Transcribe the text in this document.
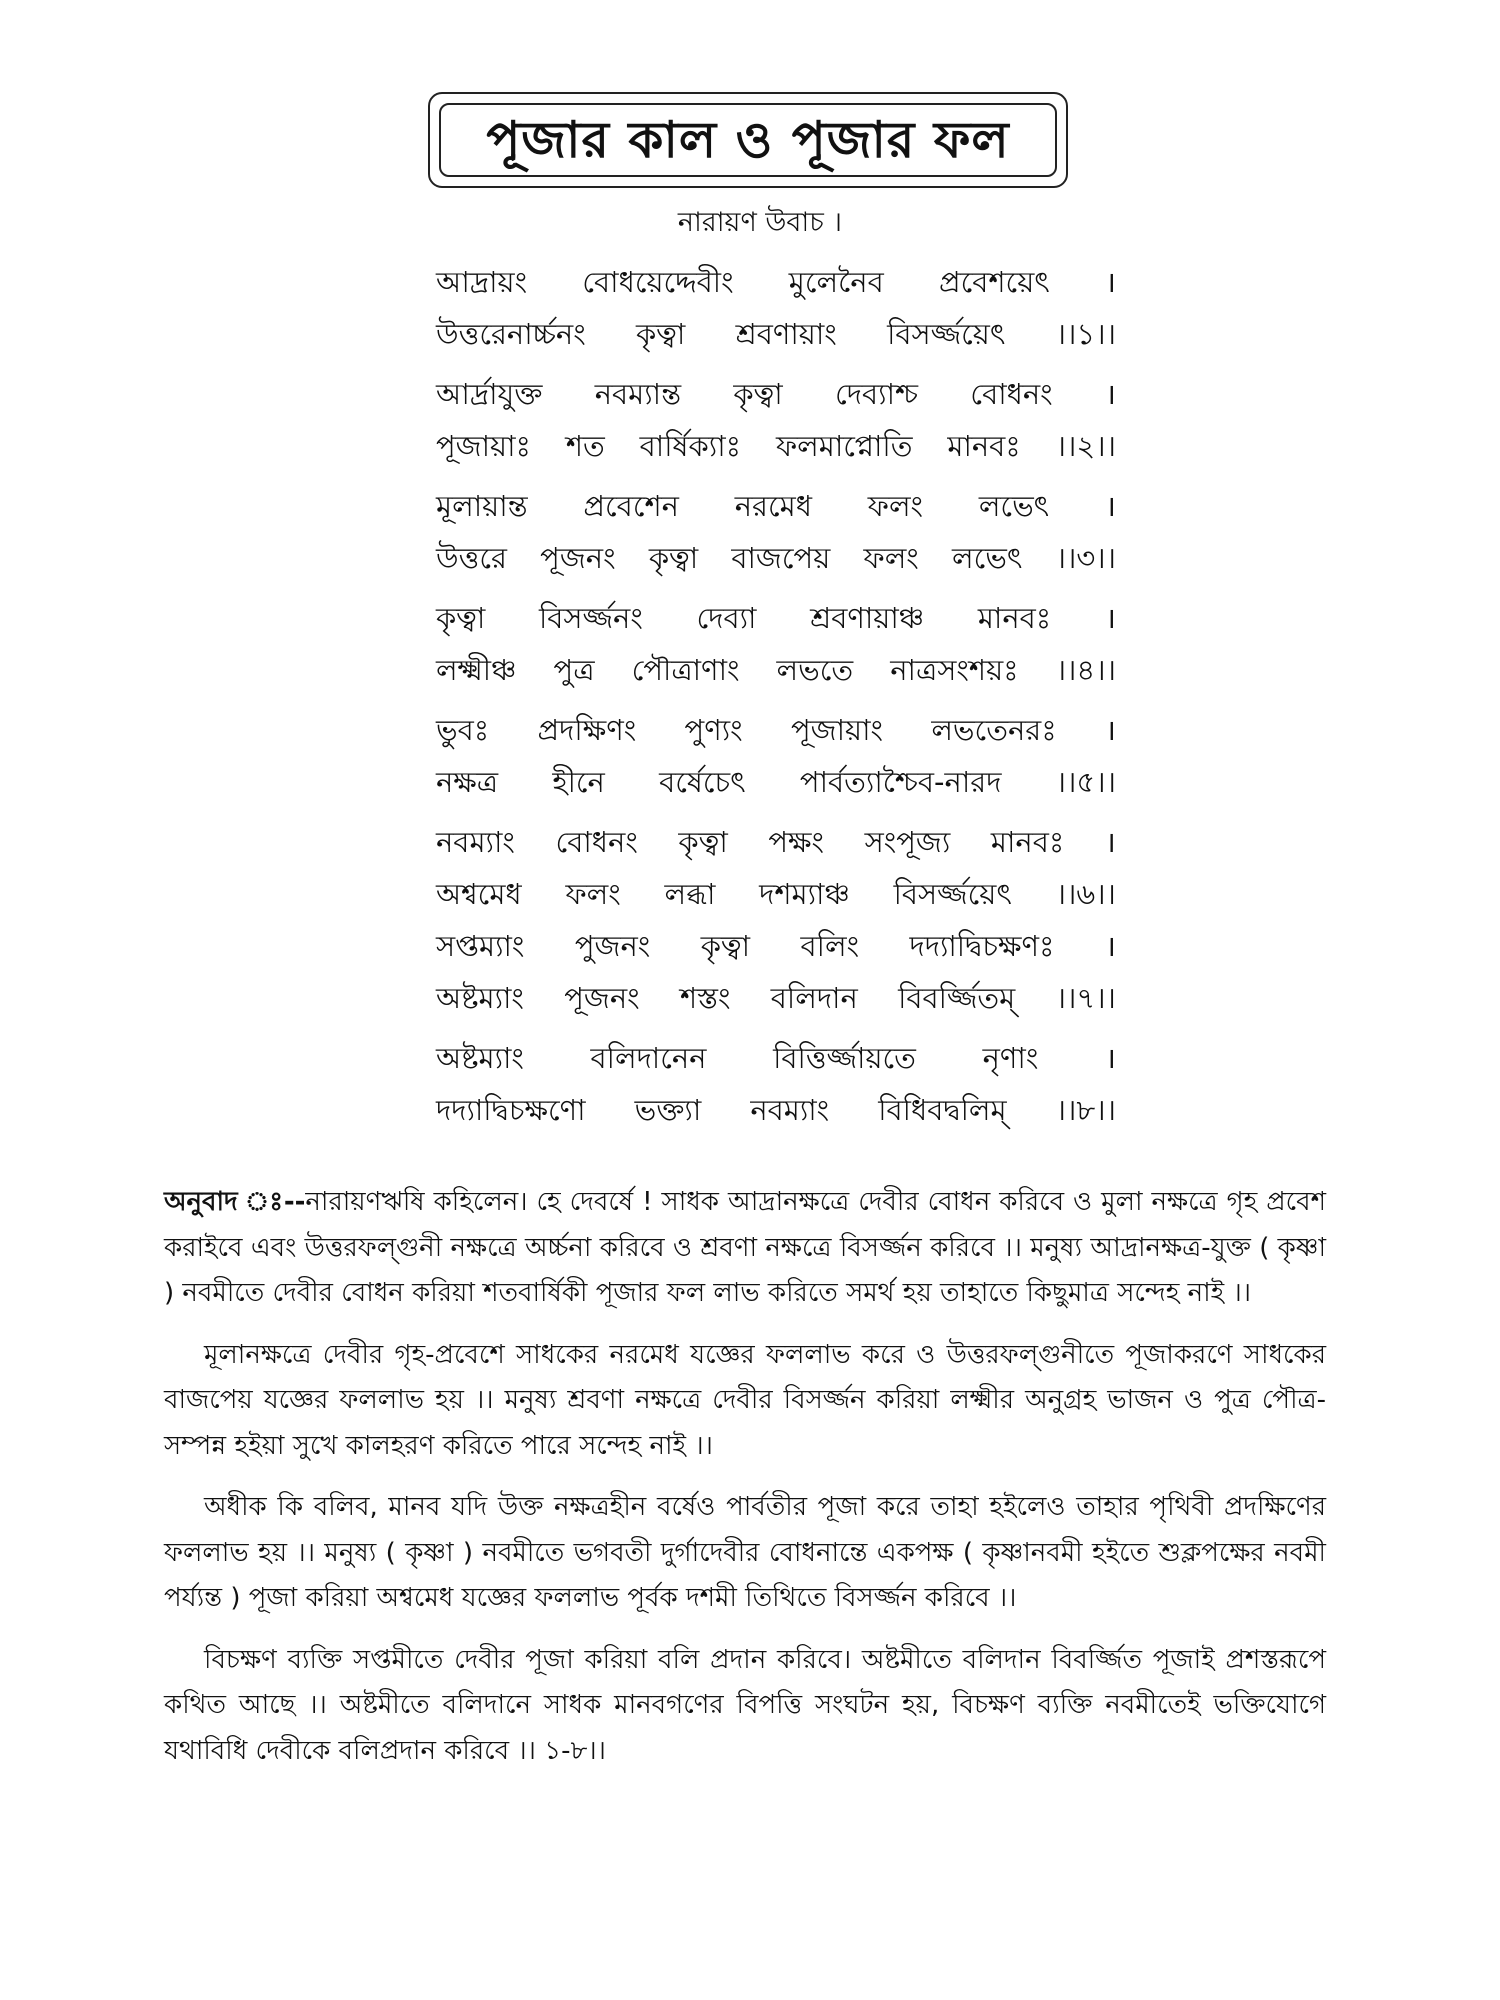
পূজার কাল ও পূজার ফল
নারায়ণ উবাচ ।
আদ্রায়ং বোধয়েদ্দেবীং মুলেনৈব প্রবেশয়েৎ ।
উত্তরেনার্চ্চনং কৃত্বা শ্রবণায়াং বিসর্জ্জয়েৎ ।।১।।
আর্দ্রাযুক্ত নবম্যান্ত কৃত্বা দেব্যাশ্চ বোধনং ।
পূজায়াঃ শত বার্ষিক্যাঃ ফলমাপ্নোতি মানবঃ ।।২।।
মূলায়ান্ত প্রবেশেন নরমেধ ফলং লভেৎ ।
উত্তরে পূজনং কৃত্বা বাজপেয় ফলং লভেৎ ।।৩।।
কৃত্বা বিসর্জ্জনং দেব্যা শ্রবণায়াঞ্চ মানবঃ ।
লক্ষ্মীঞ্চ পুত্র পৌত্রাণাং লভতে নাত্রসংশয়ঃ ।।৪।।
ভুবঃ প্রদক্ষিণং পুণ্যং পূজায়াং লভতেনরঃ ।
নক্ষত্র হীনে বর্ষেচেৎ পার্বত্যাশ্চৈব-নারদ ।।৫।।
নবম্যাং বোধনং কৃত্বা পক্ষং সংপূজ্য মানবঃ ।
অশ্বমেধ ফলং লব্ধা দশম্যাঞ্চ বিসর্জ্জয়েৎ ।।৬।।
সপ্তম্যাং পুজনং কৃত্বা বলিং দদ্যাদ্বিচক্ষণঃ ।
অষ্টম্যাং পূজনং শস্তং বলিদান বিবর্জ্জিতম্ ।।৭।।
অষ্টম্যাং বলিদানেন বিত্তির্জ্জায়তে নৃণাং ।
দদ্যাদ্বিচক্ষণো ভক্ত্যা নবম্যাং বিধিবদ্বলিম্ ।।৮।।

অনুবাদ ঃ--নারায়ণঋষি কহিলেন। হে দেবর্ষে ! সাধক আদ্রানক্ষত্রে দেবীর বোধন করিবে ও মুলা নক্ষত্রে গৃহ প্রবেশ করাইবে এবং উত্তরফল্গুনী নক্ষত্রে অর্চ্চনা করিবে ও শ্রবণা নক্ষত্রে বিসর্জ্জন করিবে ।। মনুষ্য আদ্রানক্ষত্র-যুক্ত ( কৃষ্ণা ) নবমীতে দেবীর বোধন করিয়া শতবার্ষিকী পূজার ফল লাভ করিতে সমর্থ হয় তাহাতে কিছুমাত্র সন্দেহ নাই ।।

মূলানক্ষত্রে দেবীর গৃহ-প্রবেশে সাধকের নরমেধ যজ্ঞের ফললাভ করে ও উত্তরফল্গুনীতে পূজাকরণে সাধকের বাজপেয় যজ্ঞের ফললাভ হয় ।। মনুষ্য শ্রবণা নক্ষত্রে দেবীর বিসর্জ্জন করিয়া লক্ষ্মীর অনুগ্রহ ভাজন ও পুত্র পৌত্র-সম্পন্ন হইয়া সুখে কালহরণ করিতে পারে সন্দেহ নাই ।।

অধীক কি বলিব, মানব যদি উক্ত নক্ষত্রহীন বর্ষেও পার্বতীর পূজা করে তাহা হইলেও তাহার পৃথিবী প্রদক্ষিণের ফললাভ হয় ।। মনুষ্য ( কৃষ্ণা ) নবমীতে ভগবতী দুর্গাদেবীর বোধনান্তে একপক্ষ ( কৃষ্ণানবমী হইতে শুক্লপক্ষের নবমী পর্য্যন্ত ) পূজা করিয়া অশ্বমেধ যজ্ঞের ফললাভ পূর্বক দশমী তিথিতে বিসর্জ্জন করিবে ।।

বিচক্ষণ ব্যক্তি সপ্তমীতে দেবীর পূজা করিয়া বলি প্রদান করিবে। অষ্টমীতে বলিদান বিবর্জ্জিত পূজাই প্রশস্তরূপে কথিত আছে ।। অষ্টমীতে বলিদানে সাধক মানবগণের বিপত্তি সংঘটন হয়, বিচক্ষণ ব্যক্তি নবমীতেই ভক্তিযোগে যথাবিধি দেবীকে বলিপ্রদান করিবে ।। ১-৮।।
